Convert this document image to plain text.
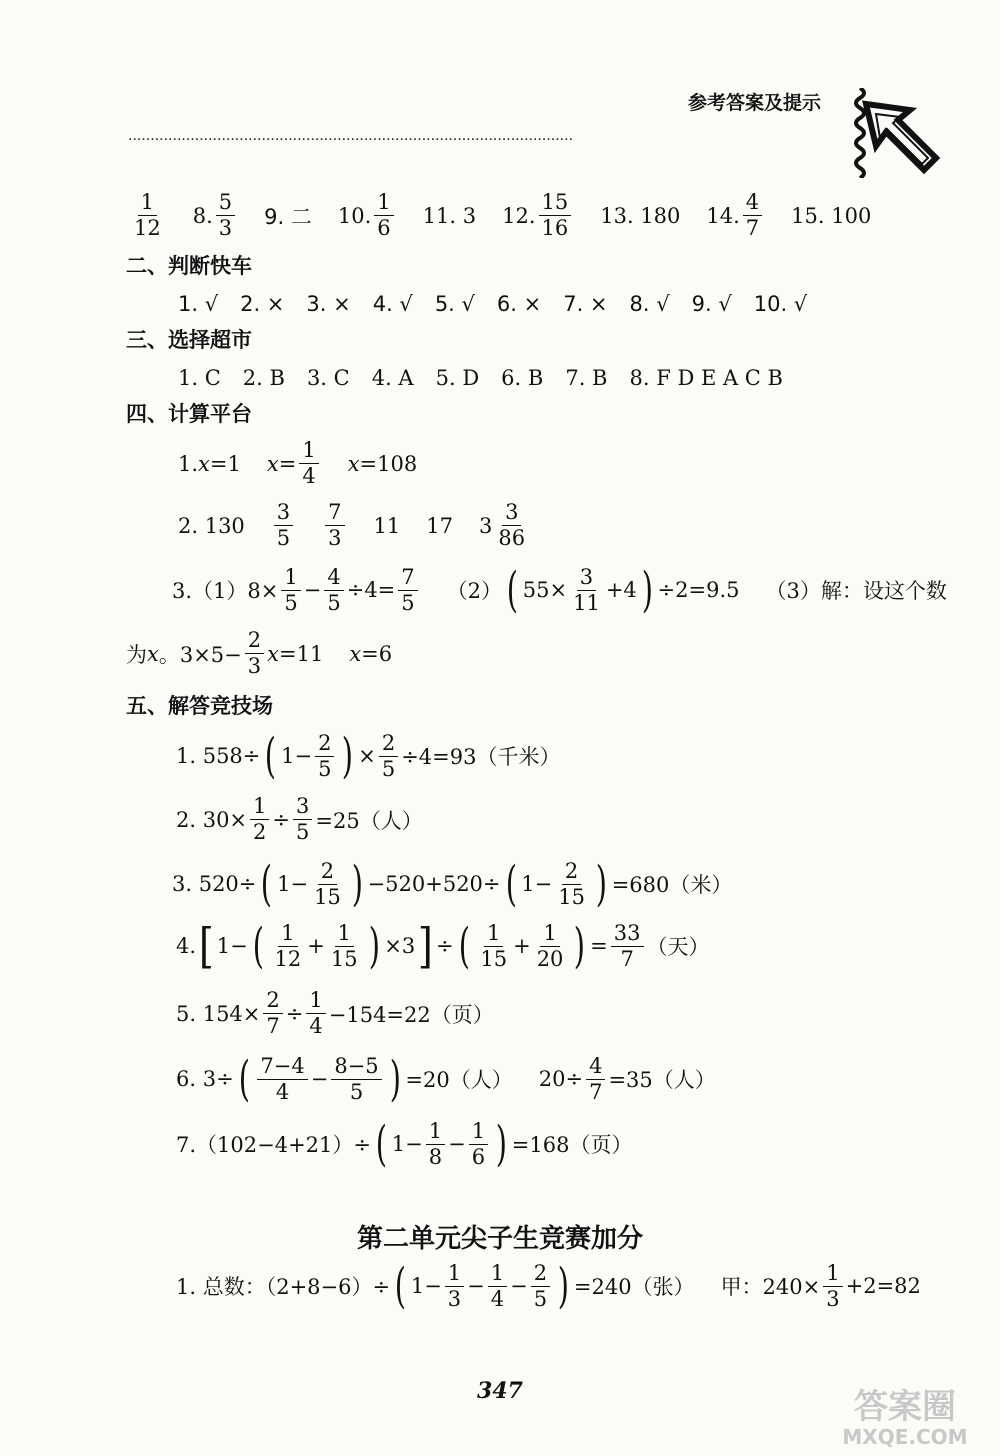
参考答案及提示
····································································································
$\frac{1}{12} 8$. $\frac{5}{3} 9$. 二 10. $\frac{1}{6} 11$. 3 12. $\frac{15}{16} 13$. 180 14. $\frac{4}{7} 15$. 100
二、判断快车
1. √ 2. × 3. × 4. √ 5. √ 6. × 7. × 8. √ 9. √ 10. √
三、选择超市
1. C 2. B 3. C 4. A 5. D 6. B 7. B 8. F D E A C B
四、计算平台
1. x =1 $x = \frac{1}{4}$ x =108
2. $130 \frac{3}{5} \frac{7}{3} 11$ 17 $3 \frac{3}{86}$
$3.(1)8\times \frac{1}{5} - \frac{4}{5} \div 4= \frac{7}{5} (2)$ ( $55\times \frac{3}{11} +4$ ) ÷2=9.5 （3）解：设这个数
为 x 。$3\times 5- \frac{2}{3}$ x =11 x =6
五、解答竞技场
1. 558÷ ( $1- \frac{2}{5}$ ) × $\frac{2}{5} \div 4=93$（千米）
2. $30\times \frac{1}{2} \div \frac{3}{5} =25$（人）
3. 520÷ ( $1- \frac{2}{15}$ ) −520+520÷ ( $1- \frac{2}{15}$ ) =680（米）
4. [ 1− ( $\frac{1}{12} + \frac{1}{15}$ ) ×3 ] ÷ ( $\frac{1}{15} + \frac{1}{20}$ ) = $\frac{33}{7}$ （天）
5. $154\times \frac{2}{7} \div \frac{1}{4} -154=22$（页）
6. 3÷ ( $\frac{7-4}{4} - \frac{8-5}{5}$ ) =20（人） $20\div \frac{4}{7} =35$（人）
7.（102−4+21）÷ ( $1- \frac{1}{8} - \frac{1}{6}$ ) =168（页）
第二单元尖子生竞赛加分
1. 总数：（2+8−6）÷ ( $1- \frac{1}{3} - \frac{1}{4} - \frac{2}{5}$ ) =240（张） 甲：$240\times \frac{1}{3} +2=82$
347	答案圈
MXQE.COM
